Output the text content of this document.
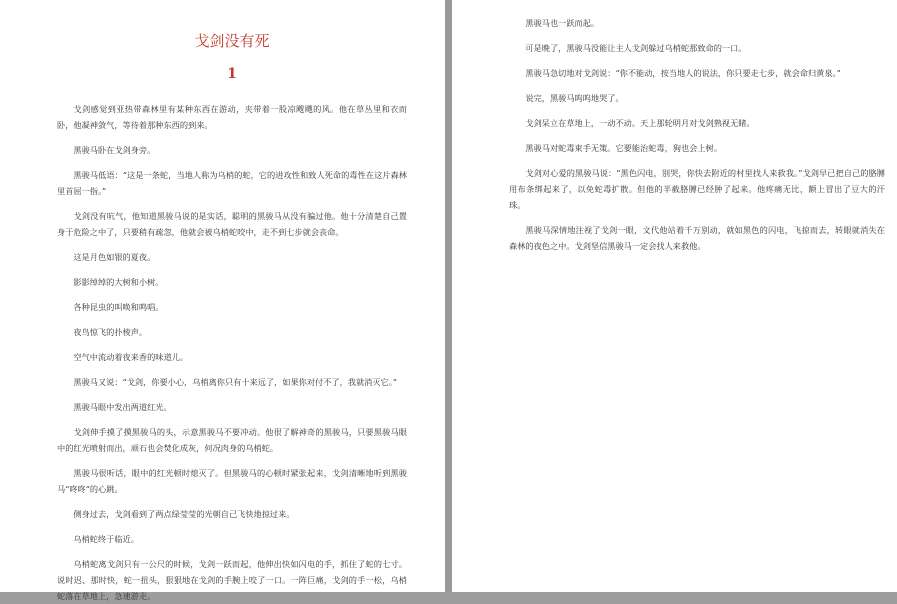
戈剑没有死
1

戈剑感觉到亚热带森林里有某种东西在游动，夹带着一股凉飕飕的风。他在草丛里和衣而卧，他凝神敛气，等待着那种东西的到来。

黑骏马卧在戈剑身旁。

黑骏马低语：“这是一条蛇，当地人称为乌梢的蛇，它的进攻性和致人死命的毒性在这片森林里首屈一指。”

戈剑没有吭气，他知道黑骏马说的是实话，聪明的黑骏马从没有骗过他。他十分清楚自己置身于危险之中了，只要稍有疏忽，他就会被乌梢蛇咬中，走不到七步就会丧命。

这是月色如银的夏夜。

影影绰绰的大树和小树。

各种昆虫的叫唤和鸣唱。

夜鸟惊飞的扑棱声。

空气中流动着夜来香的味道儿。

黑骏马又说：“戈剑，你要小心，乌梢离你只有十来远了，如果你对付不了，我就消灭它。”

黑骏马眼中发出两道红光。

戈剑伸手摸了摸黑骏马的头，示意黑骏马不要冲动。他很了解神奇的黑骏马，只要黑骏马眼中的红光喷射而出，顽石也会焚化成灰，何况肉身的乌梢蛇。

黑骏马很听话，眼中的红光顿时熄灭了。但黑骏马的心顿时紧张起来，戈剑清晰地听到黑骏马“咚咚”的心跳。

侧身过去，戈剑看到了两点绿莹莹的光朝自己飞快地掠过来。

乌梢蛇终于临近。

乌梢蛇离戈剑只有一公尺的时候，戈剑一跃而起，他伸出快如闪电的手，抓住了蛇的七寸。说时迟、那时快，蛇一扭头，狠狠地在戈剑的手腕上咬了一口。一阵巨痛，戈剑的手一松，乌梢蛇落在草地上，急速游走。

黑骏马也一跃而起。

可是晚了，黑骏马没能让主人戈剑躲过乌梢蛇那致命的一口。

黑骏马急切地对戈剑说：“你不能动，按当地人的说法，你只要走七步，就会命归黄泉。”

说完，黑骏马呜呜地哭了。

戈剑呆立在草地上，一动不动。天上那轮明月对戈剑熟视无睹。

黑骏马对蛇毒束手无策。它要能治蛇毒，狗也会上树。

戈剑对心爱的黑骏马说：“黑色闪电，别哭，你快去附近的村里找人来救我。”戈剑早已把自己的胳膊用布条绑起来了，以免蛇毒扩散。但他的半截胳膊已经肿了起来。他疼痛无比，额上冒出了豆大的汗珠。

黑骏马深情地注视了戈剑一眼，文代他站着千万别动，就如黑色的闪电，飞掠而去，转眼就消失在森林的夜色之中。戈剑坚信黑骏马一定会找人来救他。
